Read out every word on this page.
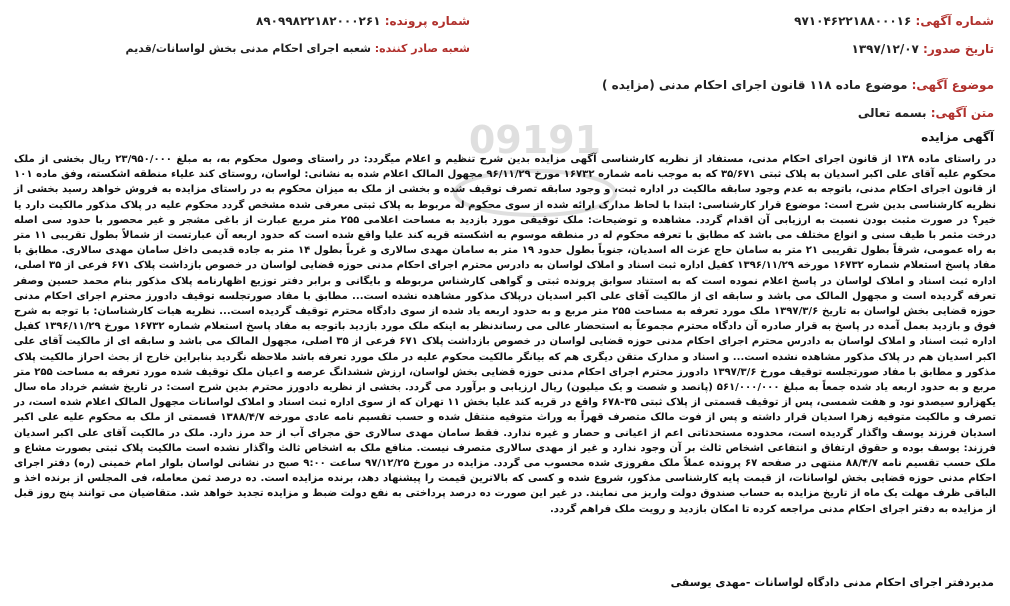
شماره آگهی: ۹۷۱۰۴۶۲۲۱۸۸۰۰۰۱۶
تاریخ صدور: ۱۳۹۷/۱۲/۰۷
شماره پرونده: ۸۹۰۹۹۸۲۲۱۸۲۰۰۰۲۶۱
شعبه صادر کننده: شعبه اجرای احکام مدنی بخش لواسانات/قدیم
موضوع آگهی: موضوع ماده ۱۱۸ قانون اجرای احکام مدنی (مزایده )
متن آگهی: بسمه تعالی
آگهی مزایده
09191

در راستای ماده ۱۳۸ از قانون اجرای احکام مدنی، مستفاد از نظریه کارشناسی آگهی مزایده بدین شرح تنظیم و اعلام میگردد: در راستای وصول محکوم به، به مبلغ ۲۳/۹۵۰/۰۰۰ ریال بخشی از ملک محکوم علیه آقای علی اکبر اسدیان به پلاک ثبتی ۳۵/۶۷۱ که به موجب نامه شماره ۱۶۷۳۲ مورخ ۹۶/۱۱/۲۹ مجهول المالک اعلام شده به نشانی: لواسان، روستای کند علیاء منطقه اشکسته، وفق ماده ۱۰۱ از قانون اجرای احکام مدنی، باتوجه به عدم وجود سابقه مالکیت در اداره ثبت، و وجود سابقه تصرف توقیف شده و بخشی از ملک به میزان محکوم به در راستای مزایده به فروش خواهد رسید بخشی از نظریه کارشناسی بدین شرح است: موضوع قرار کارشناسی: ابتدا با لحاظ مدارک ارائه شده از سوی محکوم له مربوط به پلاک ثبتی معرفی شده مشخص گردد محکوم علیه در پلاک مذکور مالکیت دارد یا خیر؟ در صورت مثبت بودن نسبت به ارزیابی آن اقدام گردد. مشاهده و توضیحات: ملک توقیفی مورد بازدید به مساحت اعلامی ۲۵۵ متر مربع عبارت از باغی مشجر و غیر محصور با حدود سی اصله درخت مثمر با طیف سنی و انواع مختلف می باشد که مطابق با تعرفه محکوم له در منطقه موسوم به اشکسته قریه کند علیا واقع شده است که حدود اربعه آن عبارتست از شمالاً بطول تقریبی ۱۱ متر به راه عمومی، شرقاً بطول تقریبی ۲۱ متر به سامان حاج عزت اله اسدیان، جنوباً بطول حدود ۱۹ متر به سامان مهدی سالاری و غرباً بطول ۱۴ متر به جاده قدیمی داخل سامان مهدی سالاری. مطابق با مفاد پاسخ استعلام شماره ۱۶۷۳۲ مورخه ۱۳۹۶/۱۱/۲۹ کفیل اداره ثبت اسناد و املاک لواسان به دادرس محترم اجرای احکام مدنی حوزه قضایی لواسان در خصوص بازداشت پلاک ۶۷۱ فرعی از ۳۵ اصلی، اداره ثبت اسناد و املاک لواسان در پاسخ اعلام نموده است که به استناد سوابق پرونده ثبتی و گواهی کارشناس مربوطه و بایگانی و برابر دفتر توزیع اظهارنامه پلاک مذکور بنام محمد حسین وصفر تعرفه گردیده است و مجهول المالک می باشد و سابقه ای از مالکیت آقای علی اکبر اسدیان درپلاک مذکور مشاهده نشده است... مطابق با مفاد صورتجلسه توقیف دادورز محترم اجرای احکام مدنی حوزه قضایی بخش لواسان به تاریخ ۱۳۹۷/۳/۶ ملک مورد تعرفه به مساحت ۲۵۵ متر مربع و به حدود اربعه یاد شده از سوی دادگاه محترم توقیف گردیده است... نظریه هیات کارشناسان: با توجه به شرح فوق و بازدید بعمل آمده در پاسخ به قرار صادره آن دادگاه محترم مجموعاً به استحضار عالی می رساندنظر به اینکه ملک مورد بازدید باتوجه به مفاد پاسخ استعلام شماره ۱۶۷۳۲ مورخ ۱۳۹۶/۱۱/۲۹ کفیل اداره ثبت اسناد و املاک لواسان به دادرس محترم اجرای احکام مدنی حوزه قضایی لواسان در خصوص بازداشت پلاک ۶۷۱ فرعی از ۳۵ اصلی، مجهول المالک می باشد و سابقه ای از مالکیت آقای علی اکبر اسدیان هم در پلاک مذکور مشاهده نشده است... و اسناد و مدارک متقن دیگری هم که بیانگر مالکیت محکوم علیه در ملک مورد تعرفه باشد ملاحظه نگردید بنابراین خارج از بحث احراز مالکیت پلاک مذکور و مطابق با مفاد صورتجلسه توقیف مورخ ۱۳۹۷/۳/۶ دادورز محترم اجرای احکام مدنی حوزه قضایی بخش لواسان، ارزش ششدانگ عرصه و اعیان ملک توقیف شده مورد تعرفه به مساحت ۲۵۵ متر مربع و به حدود اربعه یاد شده جمعاً به مبلغ ۵۶۱/۰۰۰/۰۰۰ (پانصد و شصت و یک میلیون) ریال ارزیابی و برآورد می گردد. بخشی از نظریه دادورز محترم بدین شرح است: در تاریخ ششم خرداد ماه سال یکهزارو سیصدو نود و هفت شمسی، پس از توقیف قسمتی از پلاک ثبتی ۳۵-۶۷۸ واقع در قریه کند علیا بخش ۱۱ تهران که از سوی اداره ثبت اسناد و املاک لواسانات مجهول المالک اعلام شده است، در تصرف و مالکیت متوفیه زهرا اسدیان قرار داشته و پس از فوت مالک متصرف قهراً به وراث متوفیه منتقل شده و حسب تقسیم نامه عادی مورخه ۱۳۸۸/۴/۷ قسمتی از ملک به محکوم علیه علی اکبر اسدیان فرزند یوسف واگذار گردیده است، محدوده مستحدثاتی اعم از اعیانی و حصار و غیره ندارد. فقط سامان مهدی سالاری حق مجرای آب از حد مرز دارد. ملک در مالکیت آقای علی اکبر اسدیان فرزند: یوسف بوده و حقوق ارتفاق و انتفاعی اشخاص ثالث بر آن وجود ندارد و غیر از مهدی سالاری متصرف نیست. منافع ملک به اشخاص ثالث واگذار نشده است مالکیت پلاک ثبتی بصورت مشاع و ملک حسب تقسیم نامه ۸۸/۴/۷ منتهی در صفحه ۶۷ پرونده عملاً ملک مفروزی شده محسوب می گردد. مزایده در مورخ ۹۷/۱۲/۲۵ ساعت ۹:۰۰ صبح در نشانی لواسان بلوار امام خمینی (ره) دفتر اجرای احکام مدنی حوزه قضایی بخش لواسانات، از قیمت پایه کارشناسی مذکور، شروع شده و کسی که بالاترین قیمت را پیشنهاد دهد، برنده مزایده است. ده درصد ثمن معامله، فی المجلس از برنده اخذ و الباقی ظرف مهلت یک ماه از تاریخ مزایده به حساب صندوق دولت واریز می نمایند. در غیر این صورت ده درصد پرداختی به نفع دولت ضبط و مزایده تجدید خواهد شد. متقاضیان می توانند پنج روز قبل از مزایده به دفتر اجرای احکام مدنی مراجعه کرده تا امکان بازدید و رویت ملک فراهم گردد.

مدیردفتر اجرای احکام مدنی دادگاه لواسانات -مهدی یوسفی
